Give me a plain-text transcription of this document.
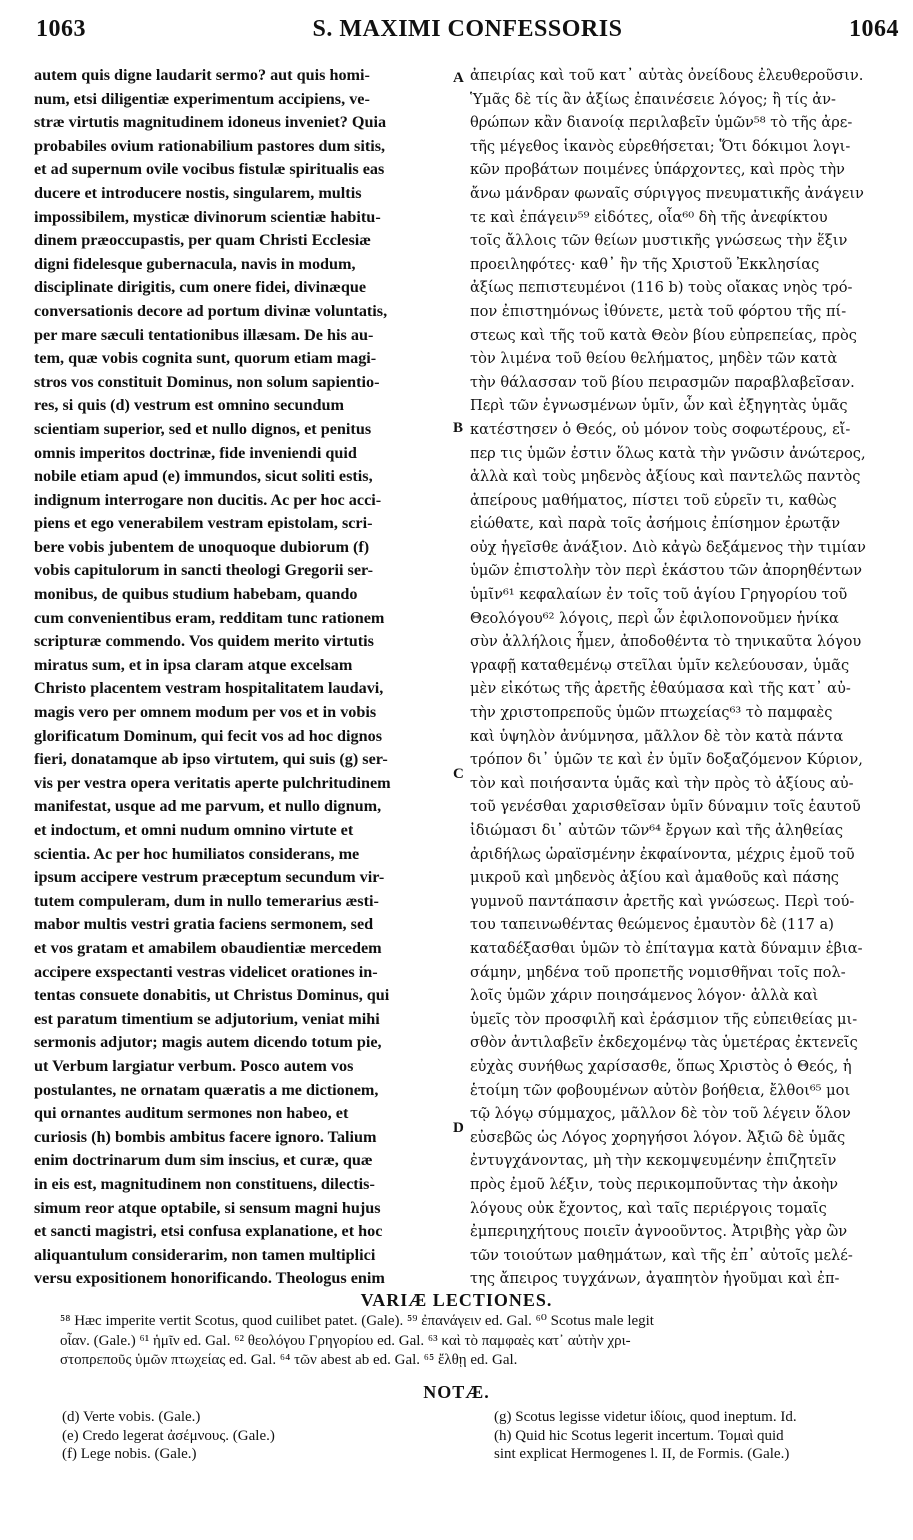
1063	S. MAXIMI CONFESSORIS	1064
autem quis digne laudarit sermo? aut quis homi-
num, etsi diligentiæ experimentum accipiens, ve-
stræ virtutis magnitudinem idoneus inveniet? Quia
probabiles ovium rationabilium pastores dum sitis,
et ad supernum ovile vocibus fistulæ spiritualis eas
ducere et introducere nostis, singularem, multis
impossibilem, mysticæ divinorum scientiæ habitu-
dinem præoccupastis, per quam Christi Ecclesiæ
digni fidelesque gubernacula, navis in modum,
disciplinate dirigitis, cum onere fidei, divinæque
conversationis decore ad portum divinæ voluntatis,
per mare sæculi tentationibus illæsam. De his au-
tem, quæ vobis cognita sunt, quorum etiam magi-
stros vos constituit Dominus, non solum sapientio-
res, si quis (d) vestrum est omnino secundum
scientiam superior, sed et nullo dignos, et penitus
omnis imperitos doctrinæ, fide inveniendi quid
nobile etiam apud (e) immundos, sicut soliti estis,
indignum interrogare non ducitis. Ac per hoc acci-
piens et ego venerabilem vestram epistolam, scri-
bere vobis jubentem de unoquoque dubiorum (f)
vobis capitulorum in sancti theologi Gregorii ser-
monibus, de quibus studium habebam, quando
cum convenientibus eram, redditam tunc rationem
scripturæ commendo. Vos quidem merito virtutis
miratus sum, et in ipsa claram atque excelsam
Christo placentem vestram hospitalitatem laudavi,
magis vero per omnem modum per vos et in vobis
glorificatum Dominum, qui fecit vos ad hoc dignos
fieri, donatamque ab ipso virtutem, qui suis (g) ser-
vis per vestra opera veritatis aperte pulchritudinem
manifestat, usque ad me parvum, et nullo dignum,
et indoctum, et omni nudum omnino virtute et
scientia. Ac per hoc humiliatos considerans, me
ipsum accipere vestrum præceptum secundum vir-
tutem compuleram, dum in nullo temerarius æsti-
mabor multis vestri gratia faciens sermonem, sed
et vos gratam et amabilem obaudientiæ mercedem
accipere exspectanti vestras videlicet orationes in-
tentas consuete donabitis, ut Christus Dominus, qui
est paratum timentium se adjutorium, veniat mihi
sermonis adjutor; magis autem dicendo totum pie,
ut Verbum largiatur verbum. Posco autem vos
postulantes, ne ornatam quæratis a me dictionem,
qui ornantes auditum sermones non habeo, et
curiosis (h) bombis ambitus facere ignoro. Talium
enim doctrinarum dum sim inscius, et curæ, quæ
in eis est, magnitudinem non constituens, dilectis-
simum reor atque optabile, si sensum magni hujus
et sancti magistri, etsi confusa explanatione, et hoc
aliquantulum considerarim, non tamen multiplici
versu expositionem honorificando. Theologus enim
A
B
C
D
ἀπειρίας καὶ τοῦ κατ᾽ αὐτὰς ὀνείδους ἐλευθεροῦσιν.
Ὑμᾶς δὲ τίς ἂν ἀξίως ἐπαινέσειε λόγος; ἢ τίς ἀν-
θρώπων κἂν διανοίᾳ περιλαβεῖν ὑμῶν⁵⁸ τὸ τῆς ἀρε-
τῆς μέγεθος ἱκανὸς εὑρεθήσεται; Ὅτι δόκιμοι λογι-
κῶν προβάτων ποιμένες ὑπάρχοντες, καὶ πρὸς τὴν
ἄνω μάνδραν φωναῖς σύριγγος πνευματικῆς ἀνάγειν
τε καὶ ἐπάγειν⁵⁹ εἰδότες, οἷα⁶⁰ δὴ τῆς ἀνεφίκτου
τοῖς ἄλλοις τῶν θείων μυστικῆς γνώσεως τὴν ἕξιν
προειληφότες· καθ᾽ ἣν τῆς Χριστοῦ Ἐκκλησίας
ἀξίως πεπιστευμένοι (116 b) τοὺς οἴακας νηὸς τρό-
πον ἐπιστημόνως ἰθύνετε, μετὰ τοῦ φόρτου τῆς πί-
στεως καὶ τῆς τοῦ κατὰ Θεὸν βίου εὐπρεπείας, πρὸς
τὸν λιμένα τοῦ θείου θελήματος, μηδὲν τῶν κατὰ
τὴν θάλασσαν τοῦ βίου πειρασμῶν παραβλαβεῖσαν.
Περὶ τῶν ἐγνωσμένων ὑμῖν, ὧν καὶ ἐξηγητὰς ὑμᾶς
κατέστησεν ὁ Θεός, οὐ μόνον τοὺς σοφωτέρους, εἴ-
περ τις ὑμῶν ἐστιν ὅλως κατὰ τὴν γνῶσιν ἀνώτερος,
ἀλλὰ καὶ τοὺς μηδενὸς ἀξίους καὶ παντελῶς παντὸς
ἀπείρους μαθήματος, πίστει τοῦ εὑρεῖν τι, καθὼς
εἰώθατε, καὶ παρὰ τοῖς ἀσήμοις ἐπίσημον ἐρωτᾷν
οὐχ ἡγεῖσθε ἀνάξιον. Διὸ κἀγὼ δεξάμενος τὴν τιμίαν
ὑμῶν ἐπιστολὴν τὸν περὶ ἑκάστου τῶν ἀπορηθέντων
ὑμῖν⁶¹ κεφαλαίων ἐν τοῖς τοῦ ἁγίου Γρηγορίου τοῦ
Θεολόγου⁶² λόγοις, περὶ ὧν ἐφιλοπονοῦμεν ἡνίκα
σὺν ἀλλήλοις ἦμεν, ἀποδοθέντα τὸ τηνικαῦτα λόγου
γραφῇ καταθεμένῳ στεῖλαι ὑμῖν κελεύουσαν, ὑμᾶς
μὲν εἰκότως τῆς ἀρετῆς ἐθαύμασα καὶ τῆς κατ᾽ αὐ-
τὴν χριστοπρεποῦς ὑμῶν πτωχείας⁶³ τὸ παμφαὲς
καὶ ὑψηλὸν ἀνύμνησα, μᾶλλον δὲ τὸν κατὰ πάντα
τρόπον δι᾽ ὑμῶν τε καὶ ἐν ὑμῖν δοξαζόμενον Κύριον,
τὸν καὶ ποιήσαντα ὑμᾶς καὶ τὴν πρὸς τὸ ἀξίους αὐ-
τοῦ γενέσθαι χαρισθεῖσαν ὑμῖν δύναμιν τοῖς ἑαυτοῦ
ἰδιώμασι δι᾽ αὐτῶν τῶν⁶⁴ ἔργων καὶ τῆς ἀληθείας
ἀριδήλως ὡραϊσμένην ἐκφαίνοντα, μέχρις ἐμοῦ τοῦ
μικροῦ καὶ μηδενὸς ἀξίου καὶ ἀμαθοῦς καὶ πάσης
γυμνοῦ παντάπασιν ἀρετῆς καὶ γνώσεως. Περὶ τού-
του ταπεινωθέντας θεώμενος ἐμαυτὸν δὲ (117 a)
καταδέξασθαι ὑμῶν τὸ ἐπίταγμα κατὰ δύναμιν ἐβια-
σάμην, μηδένα τοῦ προπετῆς νομισθῆναι τοῖς πολ-
λοῖς ὑμῶν χάριν ποιησάμενος λόγον· ἀλλὰ καὶ
ὑμεῖς τὸν προσφιλῆ καὶ ἐράσμιον τῆς εὐπειθείας μι-
σθὸν ἀντιλαβεῖν ἐκδεχομένῳ τὰς ὑμετέρας ἐκτενεῖς
εὐχὰς συνήθως χαρίσασθε, ὅπως Χριστὸς ὁ Θεός, ἡ
ἑτοίμη τῶν φοβουμένων αὐτὸν βοήθεια, ἔλθοι⁶⁵ μοι
τῷ λόγῳ σύμμαχος, μᾶλλον δὲ τὸν τοῦ λέγειν ὅλον
εὐσεβῶς ὡς Λόγος χορηγήσοι λόγον. Ἀξιῶ δὲ ὑμᾶς
ἐντυγχάνοντας, μὴ τὴν κεκομψευμένην ἐπιζητεῖν
πρὸς ἐμοῦ λέξιν, τοὺς περικομποῦντας τὴν ἀκοὴν
λόγους οὐκ ἔχοντος, καὶ ταῖς περιέργοις τομαῖς
ἐμπεριηχήτους ποιεῖν ἀγνοοῦντος. Ἀτριβὴς γὰρ ὢν
τῶν τοιούτων μαθημάτων, καὶ τῆς ἐπ᾽ αὐτοῖς μελέ-
της ἄπειρος τυγχάνων, ἀγαπητὸν ἡγοῦμαι καὶ ἐπ-
VARIÆ LECTIONES.
⁵⁸ Hæc imperite vertit Scotus, quod cuilibet patet. (Gale). ⁵⁹ ἐπανάγειν ed. Gal. ⁶⁰ Scotus male legit
οἶαν. (Gale.) ⁶¹ ἡμῖν ed. Gal. ⁶² θεολόγου Γρηγορίου ed. Gal. ⁶³ καὶ τὸ παμφαὲς κατ᾽ αὐτὴν χρι-
στοπρεποῦς ὑμῶν πτωχείας ed. Gal. ⁶⁴ τῶν abest ab ed. Gal. ⁶⁵ ἔλθῃ ed. Gal.
NOTÆ.
(d) Verte vobis. (Gale.)
(e) Credo legerat ἀσέμνους. (Gale.)
(f) Lege nobis. (Gale.)
(g) Scotus legisse videtur ἰδίοις, quod ineptum. Id.
(h) Quid hic Scotus legerit incertum. Τομαὶ quid
sint explicat Hermogenes l. II, de Formis. (Gale.)
